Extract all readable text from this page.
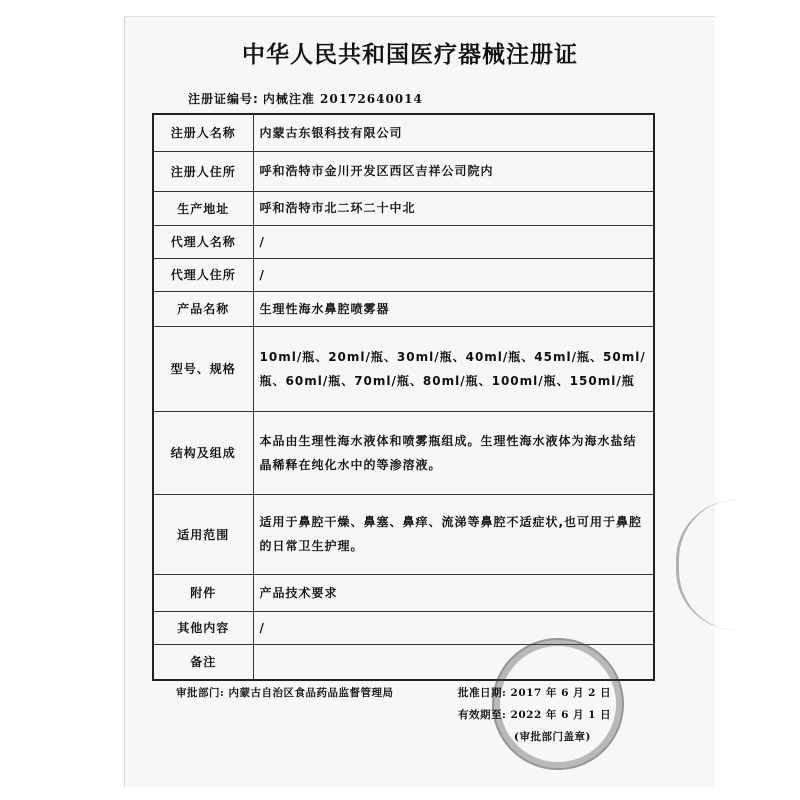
中华人民共和国医疗器械注册证
注册证编号: 内械注准 20172640014
注册人名称	内蒙古东银科技有限公司
注册人住所	呼和浩特市金川开发区西区吉祥公司院内
生产地址	呼和浩特市北二环二十中北
代理人名称	/
代理人住所	/
产品名称	生理性海水鼻腔喷雾器
型号、规格	10ml/瓶、20ml/瓶、30ml/瓶、40ml/瓶、45ml/瓶、50ml/瓶、60ml/瓶、70ml/瓶、80ml/瓶、100ml/瓶、150ml/瓶
结构及组成	本品由生理性海水液体和喷雾瓶组成。生理性海水液体为海水盐结晶稀释在纯化水中的等渗溶液。
适用范围	适用于鼻腔干燥、鼻塞、鼻痒、流涕等鼻腔不适症状,也可用于鼻腔的日常卫生护理。
附件	产品技术要求
其他内容	/
备注	
审批部门: 内蒙古自治区食品药品监督管理局	批准日期: 2017 年 6 月 2 日
有效期至: 2022 年 6 月 1 日
(审批部门盖章)
